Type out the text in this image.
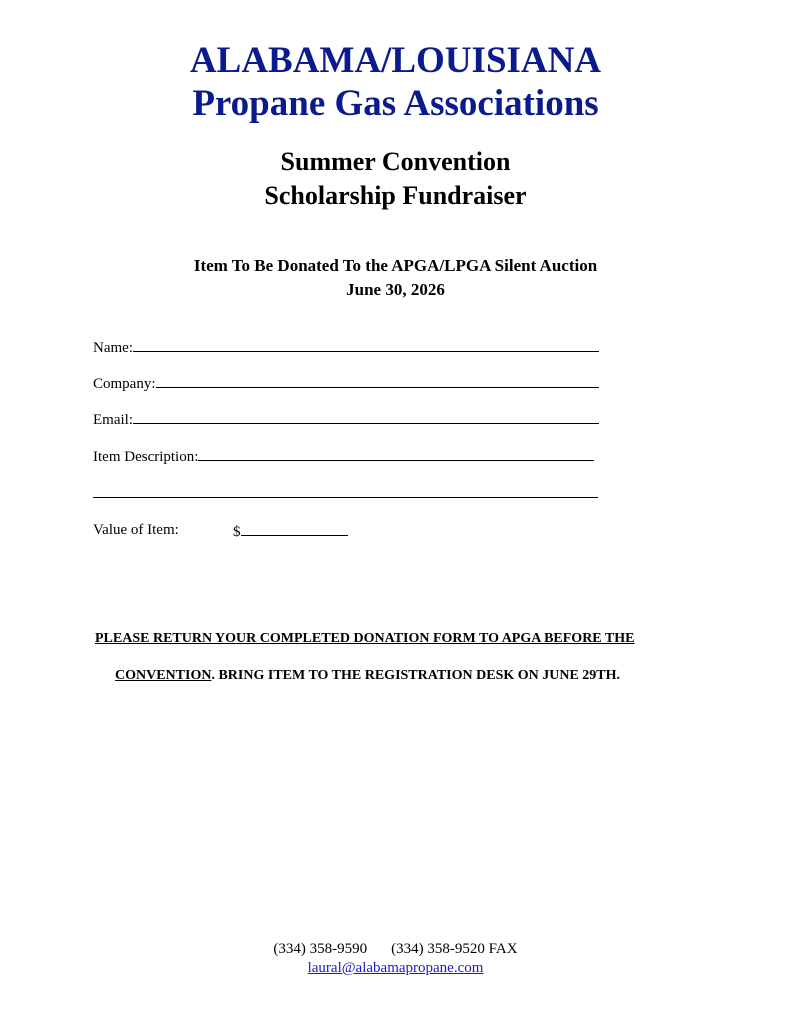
ALABAMA/LOUISIANA
Propane Gas Associations
Summer Convention
Scholarship Fundraiser
Item To Be Donated To the APGA/LPGA Silent Auction
June 30, 2026
Name:
Company:
Email:
Item Description:
Value of Item:	$
PLEASE RETURN YOUR COMPLETED DONATION FORM TO APGA BEFORE THE
CONVENTION. BRING ITEM TO THE REGISTRATION DESK ON JUNE 29TH.
(334) 358-9590 (334) 358-9520 FAX
laural@alabamapropane.com
